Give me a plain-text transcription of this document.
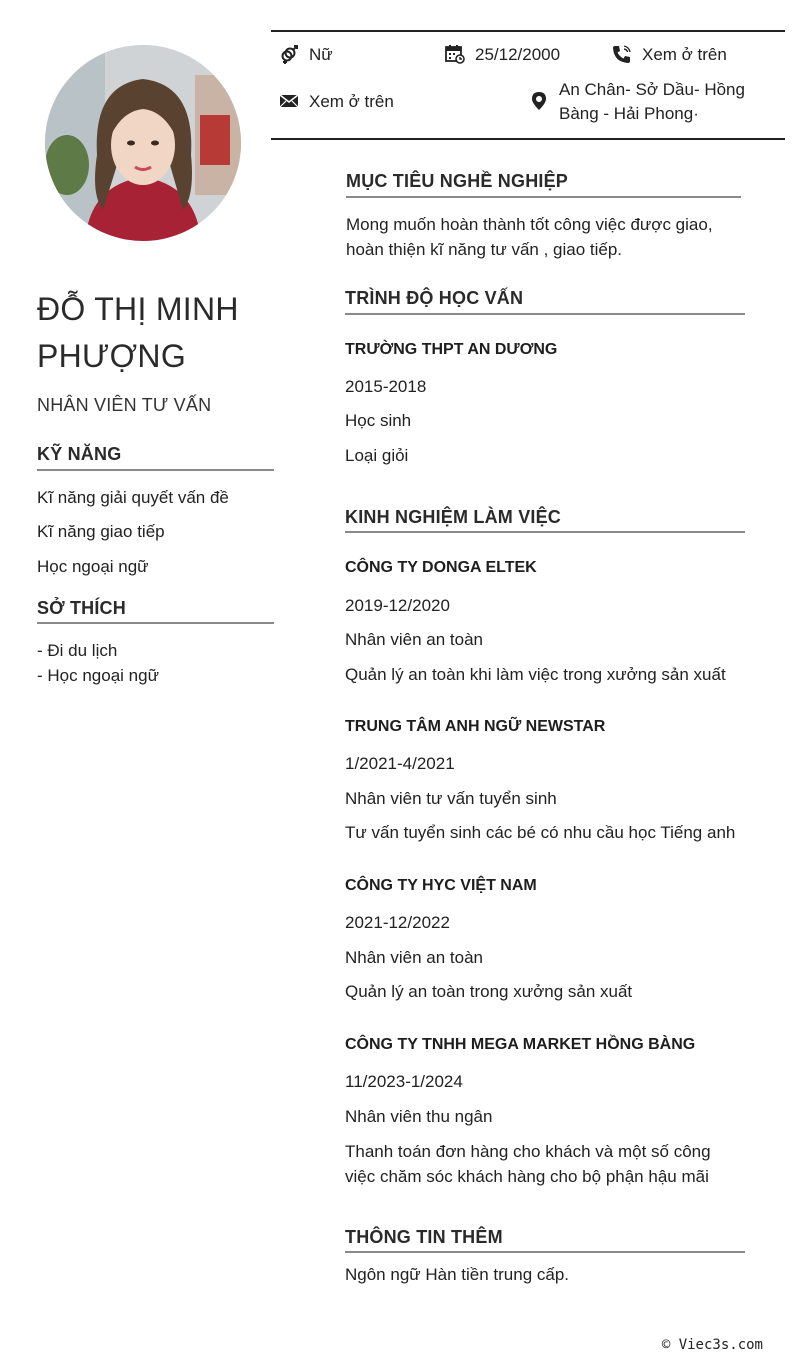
Nữ	25/12/2000	Xem ở trên
Xem ở trên
An Chân- Sở Dầu- Hồng
Bàng - Hải Phong·
ĐỖ THỊ MINH
PHƯỢNG
NHÂN VIÊN TƯ VẤN
KỸ NĂNG
Kĩ năng giải quyết vấn đề
Kĩ năng giao tiếp
Học ngoại ngữ
SỞ THÍCH
- Đi du lịch
- Học ngoại ngữ
MỤC TIÊU NGHỀ NGHIỆP
Mong muốn hoàn thành tốt công việc được giao,
hoàn thiện kĩ năng tư vấn , giao tiếp.
TRÌNH ĐỘ HỌC VẤN
TRƯỜNG THPT AN DƯƠNG
2015-2018
Học sinh
Loại giỏi
KINH NGHIỆM LÀM VIỆC
CÔNG TY DONGA ELTEK
2019-12/2020
Nhân viên an toàn
Quản lý an toàn khi làm việc trong xưởng sản xuất
TRUNG TÂM ANH NGỮ NEWSTAR
1/2021-4/2021
Nhân viên tư vấn tuyển sinh
Tư vấn tuyển sinh các bé có nhu cầu học Tiếng anh
CÔNG TY HYC VIỆT NAM
2021-12/2022
Nhân viên an toàn
Quản lý an toàn trong xưởng sản xuất
CÔNG TY TNHH MEGA MARKET HỒNG BÀNG
11/2023-1/2024
Nhân viên thu ngân
Thanh toán đơn hàng cho khách và một số công
việc chăm sóc khách hàng cho bộ phận hậu mãi
THÔNG TIN THÊM
Ngôn ngữ Hàn tiền trung cấp.
© Viec3s.com
